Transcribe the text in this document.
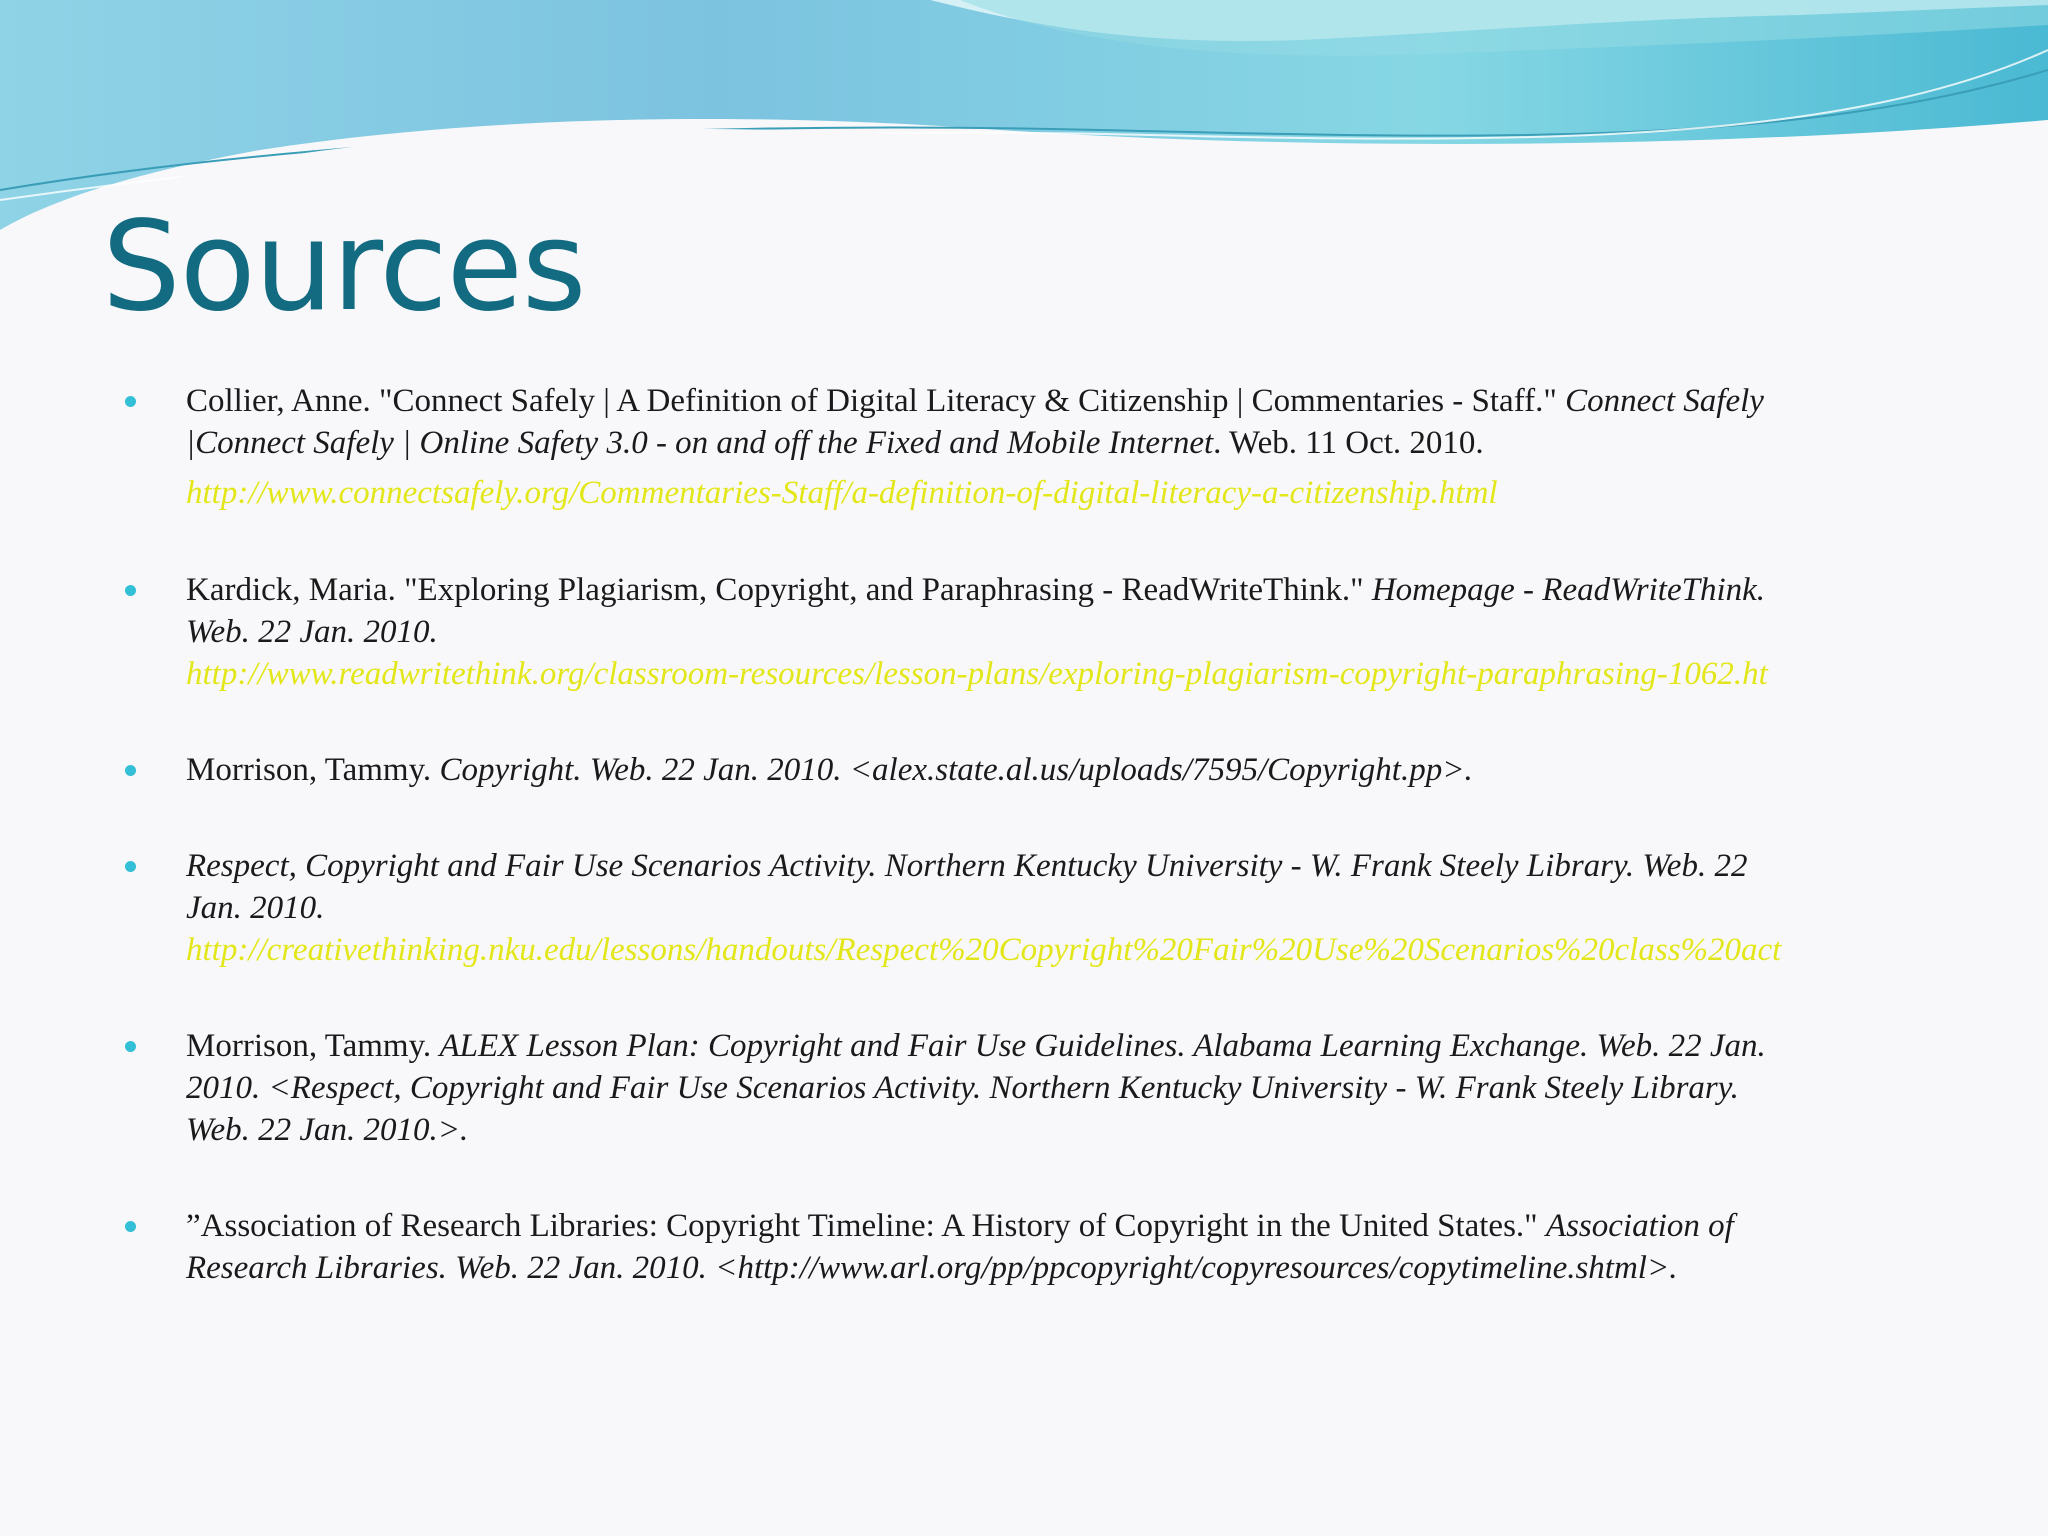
Sources
Collier, Anne. "Connect Safely | A Definition of Digital Literacy & Citizenship | Commentaries - Staff." Connect Safely
|Connect Safely | Online Safety 3.0 - on and off the Fixed and Mobile Internet. Web. 11 Oct. 2010.
http://www.connectsafely.org/Commentaries-Staff/a-definition-of-digital-literacy-a-citizenship.html
Kardick, Maria. "Exploring Plagiarism, Copyright, and Paraphrasing - ReadWriteThink." Homepage - ReadWriteThink.
Web. 22 Jan. 2010.
http://www.readwritethink.org/classroom-resources/lesson-plans/exploring-plagiarism-copyright-paraphrasing-1062.ht
Morrison, Tammy. Copyright. Web. 22 Jan. 2010. <alex.state.al.us/uploads/7595/Copyright.pp>.
Respect, Copyright and Fair Use Scenarios Activity. Northern Kentucky University - W. Frank Steely Library. Web. 22
Jan. 2010.
http://creativethinking.nku.edu/lessons/handouts/Respect%20Copyright%20Fair%20Use%20Scenarios%20class%20act
Morrison, Tammy. ALEX Lesson Plan: Copyright and Fair Use Guidelines. Alabama Learning Exchange. Web. 22 Jan.
2010. <Respect, Copyright and Fair Use Scenarios Activity. Northern Kentucky University - W. Frank Steely Library.
Web. 22 Jan. 2010.>.
”Association of Research Libraries: Copyright Timeline: A History of Copyright in the United States." Association of
Research Libraries. Web. 22 Jan. 2010. <http://www.arl.org/pp/ppcopyright/copyresources/copytimeline.shtml>.
